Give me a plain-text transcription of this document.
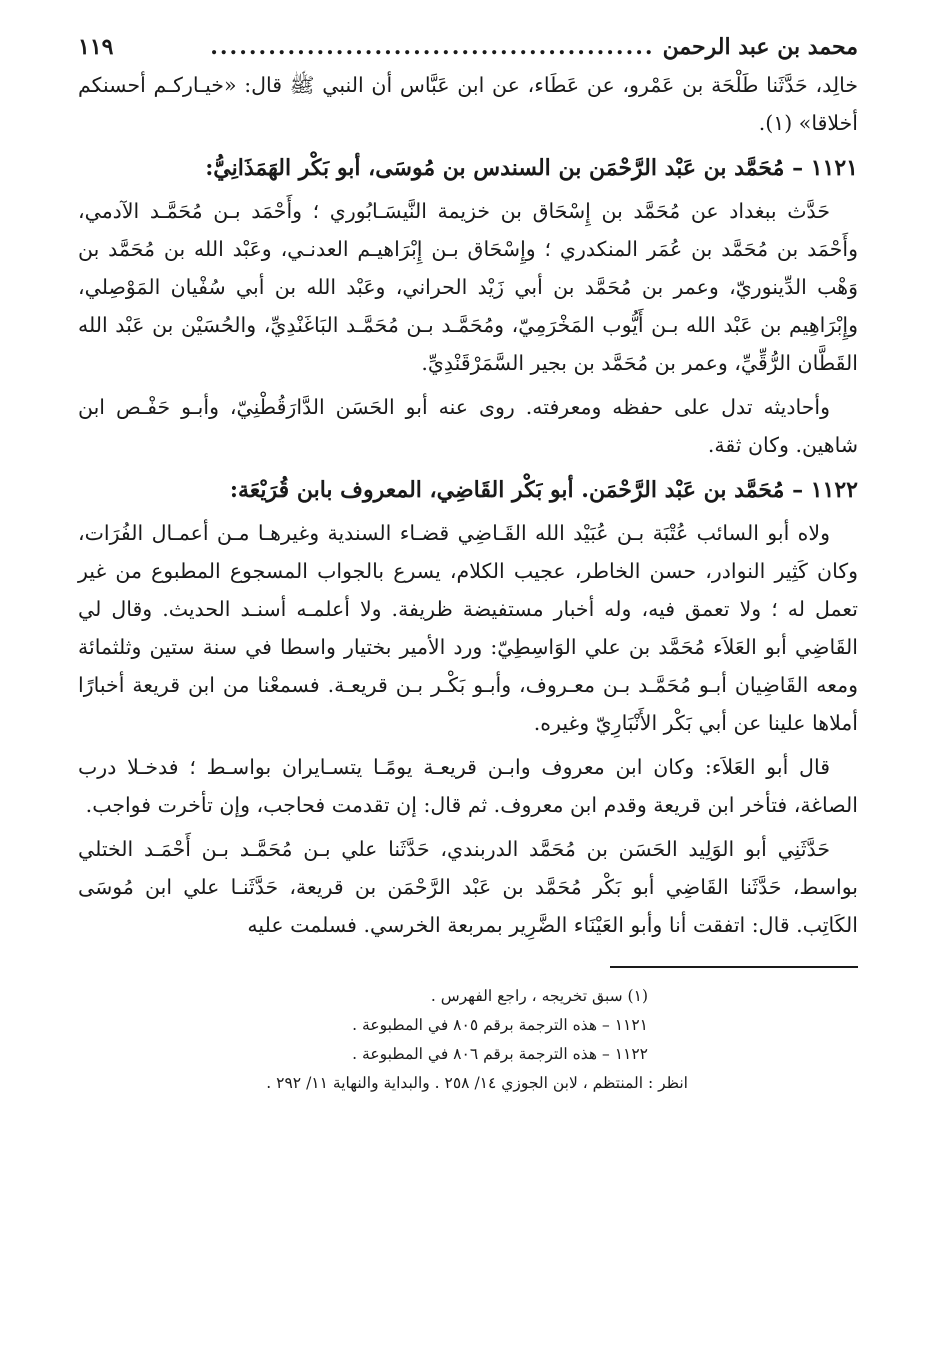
محمد بن عبد الرحمن
..............................................
١١٩

خالِد، حَدَّثَنا طَلْحَة بن عَمْرو، عن عَطَاء، عن ابن عَبَّاس أن النبي ﷺ قال: «خيـاركـم أحسنكم أخلاقا» (١).

١١٢١ – مُحَمَّد بن عَبْد الرَّحْمَن بن السندس بن مُوسَى، أبو بَكْر الهَمَذَانِيُّ:

حَدَّث ببغداد عن مُحَمَّد بن إِسْحَاق بن خزيمة النَّيسَـابُوري ؛ وأَحْمَد بـن مُحَمَّـد الآدمي، وأَحْمَد بن مُحَمَّد بن عُمَر المنكدري ؛ وإِسْحَاق بـن إِبْرَاهيـم العدنـي، وعَبْد الله بن مُحَمَّد بن وَهْب الدِّينوريّ، وعمر بن مُحَمَّد بن أبي زَيْد الحراني، وعَبْد الله بن أبي سُفْيان المَوْصِلي، وإِبْرَاهِيم بن عَبْد الله بـن أَيُّوب المَخْرَمِيّ، ومُحَمَّـد بـن مُحَمَّـد البَاغَنْدِيِّ، والحُسَيْن بن عَبْد الله القَطَّان الرُّقِّيِّ، وعمر بن مُحَمَّد بن بجير السَّمَرْقَنْدِيِّ.

وأحاديثه تدل على حفظه ومعرفته. روى عنه أبو الحَسَن الدَّارَقُطْنِيّ، وأبـو حَفْـص ابن شاهين. وكان ثقة.

١١٢٢ – مُحَمَّد بن عَبْد الرَّحْمَن. أبو بَكْر القَاضِي، المعروف بابن قُرَيْعَة:

ولاه أبو السائب عُتْبَة بـن عُبَيْد الله القَـاضِي قضـاء السندية وغيرهـا مـن أعمـال الفُرَات، وكان كَثِير النوادر، حسن الخاطر، عجيب الكلام، يسرع بالجواب المسجوع المطبوع من غير تعمل له ؛ ولا تعمق فيه، وله أخبار مستفيضة ظريفة. ولا أعلمـه أسنـد الحديث. وقال لي القَاضِي أبو العَلاَء مُحَمَّد بن علي الوَاسِطِيّ: ورد الأمير بختيار واسطا في سنة ستين وثلثمائة ومعه القَاضِيان أبـو مُحَمَّـد بـن معـروف، وأبـو بَكْـر بـن قريعـة. فسمعْنا من ابن قريعة أخبارًا أملاها علينا عن أبي بَكْر الأَنْبَارِيّ وغيره.

قال أبو العَلاَء: وكان ابن معروف وابـن قريعـة يومًـا يتسـايران بواسـط ؛ فدخـلا درب الصاغة، فتأخر ابن قريعة وقدم ابن معروف. ثم قال: إن تقدمت فحاجب، وإن تأخرت فواجب.

حَدَّثَنِي أبو الوَلِيد الحَسَن بن مُحَمَّد الدربندي، حَدَّثَنا علي بـن مُحَمَّـد بـن أَحْمَـد الختلي بواسط، حَدَّثَنا القَاضِي أبو بَكْر مُحَمَّد بن عَبْد الرَّحْمَن بن قريعة، حَدَّثَنـا علي ابن مُوسَى الكَاتِب. قال: اتفقت أنا وأبو العَيْنَاء الضَّرِير بمربعة الخرسي. فسلمت عليه

(١) سبق تخريجه ، راجع الفهرس .
١١٢١ – هذه الترجمة برقم ٨٠٥ في المطبوعة .
١١٢٢ – هذه الترجمة برقم ٨٠٦ في المطبوعة .
انظر : المنتظم ، لابن الجوزي ١٤/ ٢٥٨ . والبداية والنهاية ١١/ ٢٩٢ .
